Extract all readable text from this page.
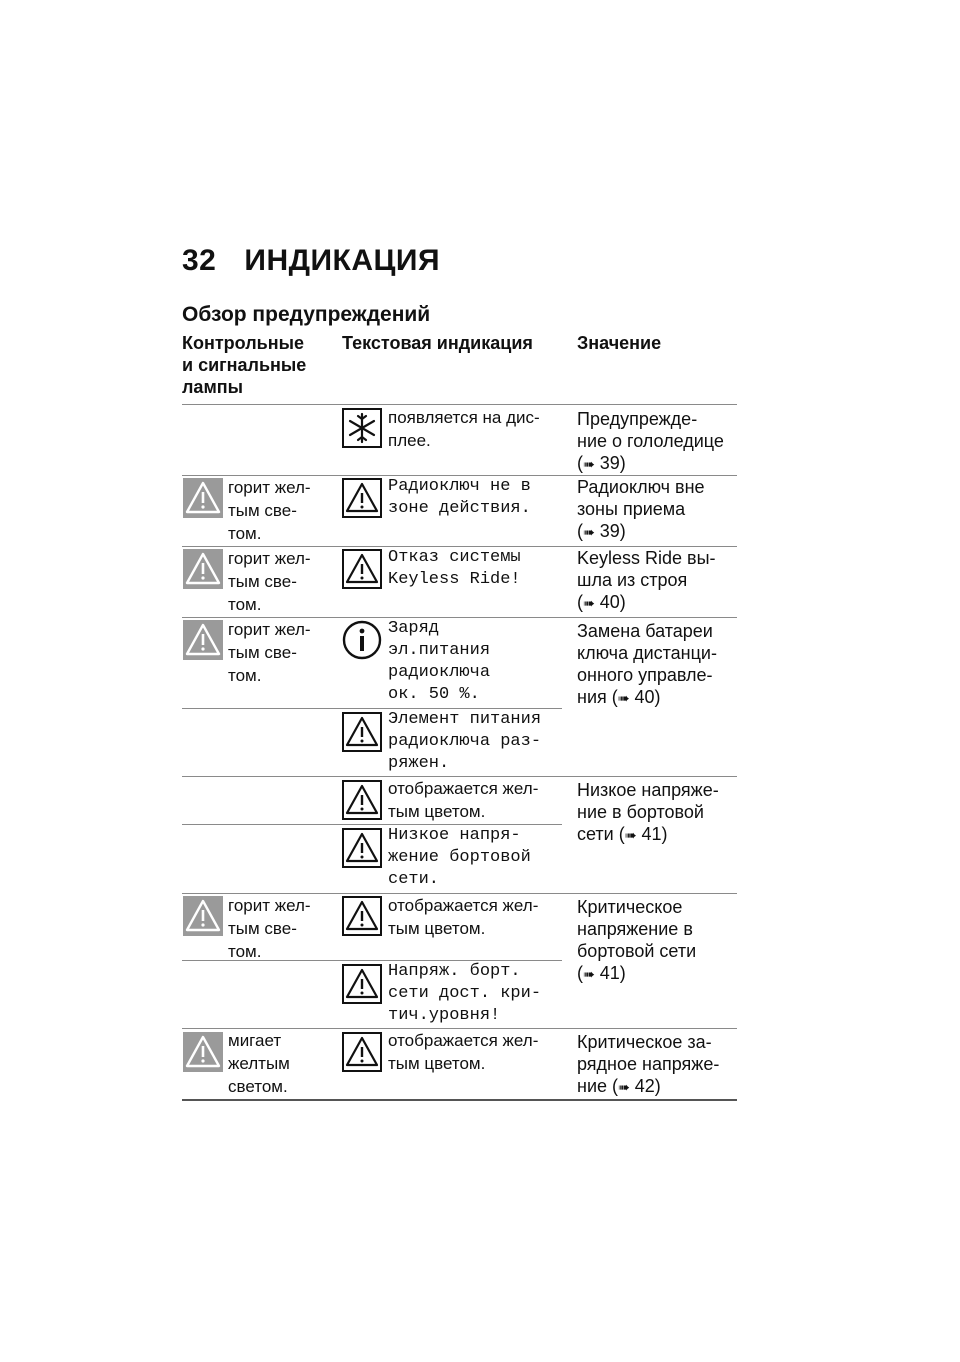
32 ИНДИКАЦИЯ
Обзор предупреждений
Контрольные
и сигнальные
лампы
Текстовая индикация	Значение
появляется на дис-
плее.
Предупрежде-
ние о гололедице
(➠ 39)
горит жел-
тым све-
том.
Радиоключ не в
зоне действия.
Радиоключ вне
зоны приема
(➠ 39)
горит жел-
тым све-
том.
Отказ системы
Keyless Ride!
Keyless Ride вы-
шла из строя
(➠ 40)
горит жел-
тым све-
том.
Заряд
эл.питания
радиоключа
ок. 50 %.
Замена батареи
ключа дистанци-
онного управле-
ния (➠ 40)
Элемент питания
радиоключа раз-
ряжен.
отображается жел-
тым цветом.
Низкое напряже-
ние в бортовой
сети (➠ 41)
Низкое напря-
жение бортовой
сети.
горит жел-
тым све-
том.
отображается жел-
тым цветом.
Критическое
напряжение в
бортовой сети
(➠ 41)
Напряж. борт.
сети дост. кри-
тич.уровня!
мигает
желтым
светом.
отображается жел-
тым цветом.
Критическое за-
рядное напряже-
ние (➠ 42)
